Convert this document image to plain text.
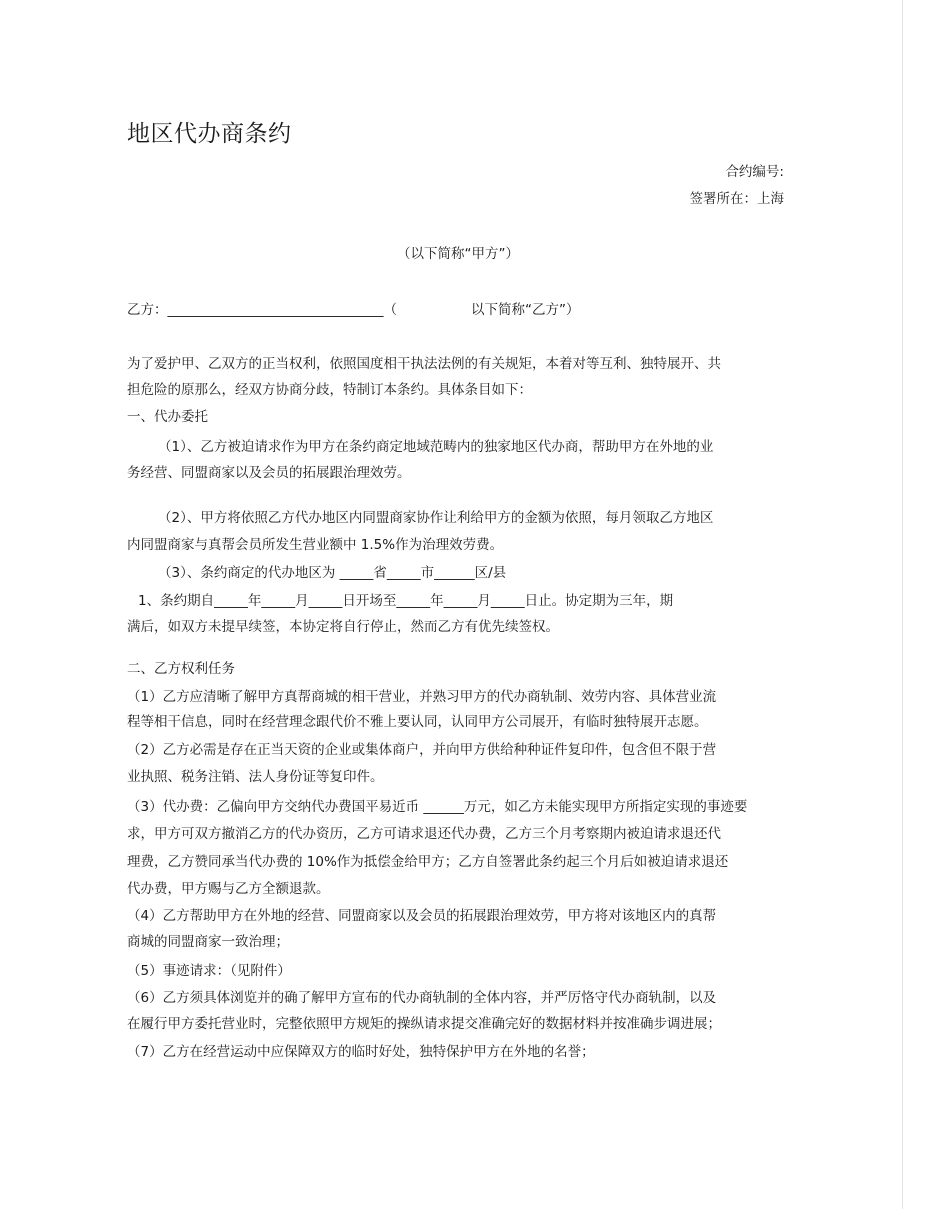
地区代办商条约
合约编号:
签署所在：上海
（以下简称“甲方”）
乙方：________________________________（	以下简称“乙方”）
为了爱护甲、乙双方的正当权利，依照国度相干执法法例的有关规矩，本着对等互利、独特展开、共
担危险的原那么，经双方协商分歧，特制订本条约。具体条目如下：
一、代办委托
（1）、乙方被迫请求作为甲方在条约商定地域范畴内的独家地区代办商，帮助甲方在外地的业
务经营、同盟商家以及会员的拓展跟治理效劳。
（2）、甲方将依照乙方代办地区内同盟商家协作让利给甲方的金额为依照，每月领取乙方地区
内同盟商家与真帮会员所发生营业额中 1.5%作为治理效劳费。
（3）、条约商定的代办地区为 _____省_____市______区/县
1、条约期自_____年_____月_____日开场至_____年_____月_____日止。协定期为三年，期
满后，如双方未提早续签，本协定将自行停止，然而乙方有优先续签权。
二、乙方权利任务
（1）乙方应清晰了解甲方真帮商城的相干营业，并熟习甲方的代办商轨制、效劳内容、具体营业流
程等相干信息，同时在经营理念跟代价不雅上要认同，认同甲方公司展开，有临时独特展开志愿。
（2）乙方必需是存在正当天资的企业或集体商户，并向甲方供给种种证件复印件，包含但不限于营
业执照、税务注销、法人身份证等复印件。
（3）代办费：乙偏向甲方交纳代办费国平易近币 ______万元，如乙方未能实现甲方所指定实现的事迹要
求，甲方可双方撤消乙方的代办资历，乙方可请求退还代办费，乙方三个月考察期内被迫请求退还代
理费，乙方赞同承当代办费的 10%作为抵偿金给甲方；乙方自签署此条约起三个月后如被迫请求退还
代办费，甲方赐与乙方全额退款。
（4）乙方帮助甲方在外地的经营、同盟商家以及会员的拓展跟治理效劳，甲方将对该地区内的真帮
商城的同盟商家一致治理；
（5）事迹请求：（见附件）
（6）乙方须具体浏览并的确了解甲方宣布的代办商轨制的全体内容，并严厉恪守代办商轨制，以及
在履行甲方委托营业时，完整依照甲方规矩的操纵请求提交准确完好的数据材料并按准确步调进展；
（7）乙方在经营运动中应保障双方的临时好处，独特保护甲方在外地的名誉；
